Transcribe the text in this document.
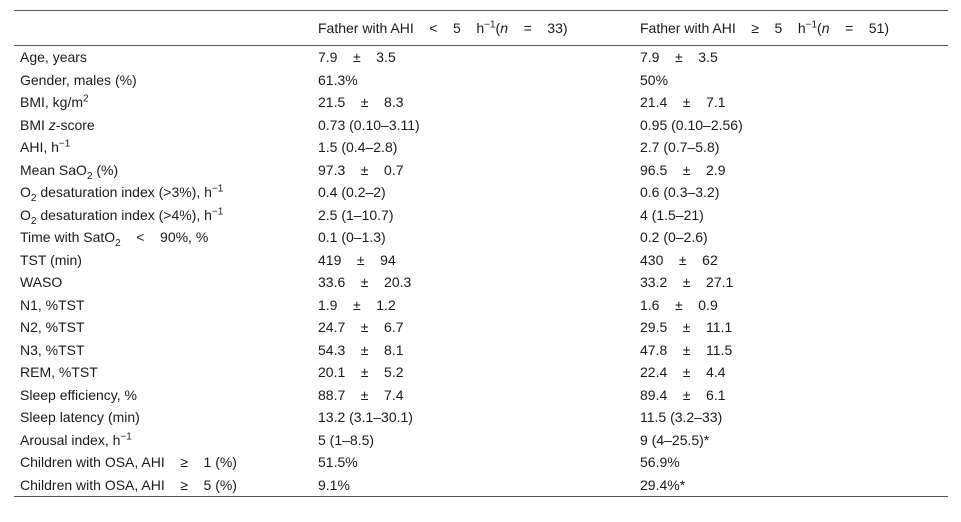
	Father with AHI    <    5    $h^{-1}(n$    =    33)	Father with AHI    ≥    5    $h^{-1}(n$    =    51)
Age, years	7.9    ±    3.5	7.9    ±    3.5
Gender, males (%)	61.3%	50%
BMI, $kg/m^2$	21.5    ±    8.3	21.4    ±    7.1
BMI z-score	0.73 (0.10–3.11)	0.95 (0.10–2.56)
AHI, $h^{-1}$	1.5 (0.4–2.8)	2.7 (0.7–5.8)
Mean SaO$_2$ (%)	97.3    ±    0.7	96.5    ±    2.9
$O_2$ desaturation index (>3%), $h^{-1}$	0.4 (0.2–2)	0.6 (0.3–3.2)
$O_2$ desaturation index (>4%), $h^{-1}$	2.5 (1–10.7)	4 (1.5–21)
Time with SatO$_2$    <    90%, %	0.1 (0–1.3)	0.2 (0–2.6)
TST (min)	419    ±    94	430    ±    62
WASO	33.6    ±    20.3	33.2    ±    27.1
N1, %TST	1.9    ±    1.2	1.6    ±    0.9
N2, %TST	24.7    ±    6.7	29.5    ±    11.1
N3, %TST	54.3    ±    8.1	47.8    ±    11.5
REM, %TST	20.1    ±    5.2	22.4    ±    4.4
Sleep efficiency, %	88.7    ±    7.4	89.4    ±    6.1
Sleep latency (min)	13.2 (3.1–30.1)	11.5 (3.2–33)
Arousal index, $h^{-1}$	5 (1–8.5)	9 (4–25.5)*
Children with OSA, AHI    ≥    1 (%)	51.5%	56.9%
Children with OSA, AHI    ≥    5 (%)	9.1%	29.4%*
